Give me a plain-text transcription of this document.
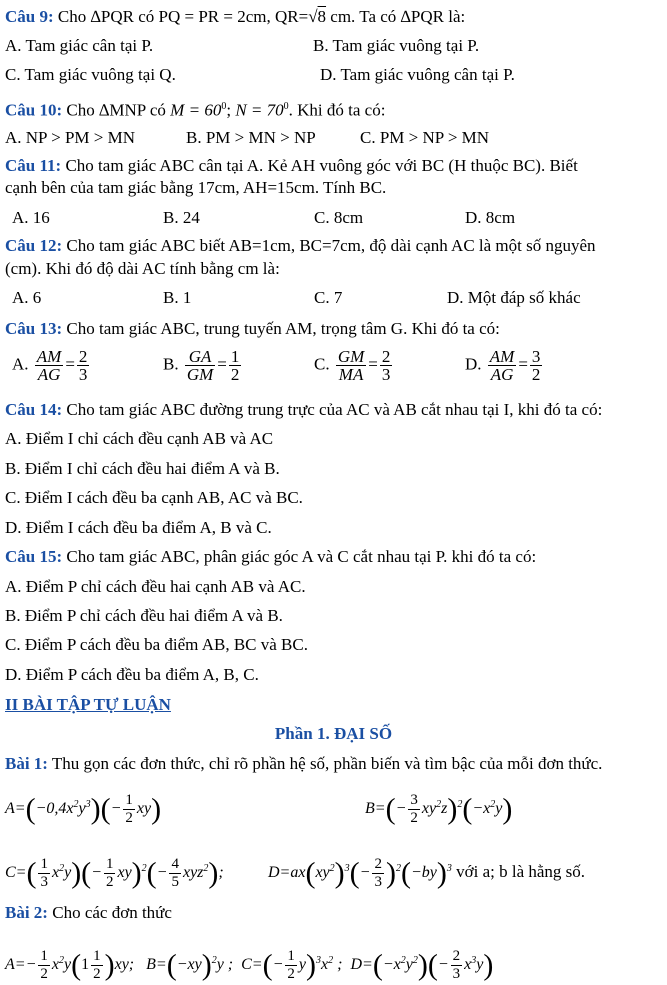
Câu 9: Cho ∆PQR có PQ = PR = 2cm, QR=√8 cm. Ta có ∆PQR là:
A. Tam giác cân tại P.	B. Tam giác vuông tại P.
C. Tam giác vuông tại Q.	D. Tam giác vuông cân tại P.
Câu 10: Cho ∆MNP có $M = 60^0$; $N = 70^0$. Khi đó ta có:
A. NP > PM > MN	B. PM > MN > NP	C. PM > NP > MN
Câu 11: Cho tam giác ABC cân tại A. Kẻ AH vuông góc với BC (H thuộc BC). Biết
cạnh bên của tam giác bằng 17cm, AH=15cm. Tính BC.
A. 16	B. 24	C. 8cm	D. 8cm
Câu 12: Cho tam giác ABC biết AB=1cm, BC=7cm, độ dài cạnh AC là một số nguyên
(cm). Khi đó độ dài AC tính bằng cm là:
A. 6	B. 1	C. 7	D. Một đáp số khác
Câu 13: Cho tam giác ABC, trung tuyến AM, trọng tâm G. Khi đó ta có:
A. $\frac{AM}{AG} = \frac{2}{3}$	B. $\frac{GA}{GM} = \frac{1}{2}$	C. $\frac{GM}{MA} = \frac{2}{3}$	D. $\frac{AM}{AG} = \frac{3}{2}$
Câu 14: Cho tam giác ABC đường trung trực của AC và AB cắt nhau tại I, khi đó ta có:
A. Điểm I chỉ cách đều cạnh AB và AC
B. Điểm I chỉ cách đều hai điểm A và B.
C. Điểm I cách đều ba cạnh AB, AC và BC.
D. Điểm I cách đều ba điểm A, B và C.
Câu 15: Cho tam giác ABC, phân giác góc A và C cắt nhau tại P. khi đó ta có:
A. Điểm P chỉ cách đều hai cạnh AB và AC.
B. Điểm P chỉ cách đều hai điểm A và B.
C. Điểm P cách đều ba điểm AB, BC và BC.
D. Điểm P cách đều ba điểm A, B, C.
II BÀI TẬP TỰ LUẬN
Phần 1. ĐẠI SỐ
Bài 1: Thu gọn các đơn thức, chỉ rõ phần hệ số, phần biến và tìm bậc của mỗi đơn thức.
$A=(-0,4x^2y^3)(- \frac{1}{2} xy)$	$B=(- \frac{3}{2} xy^2z)^2(-x^2y)$
$C=( \frac{1}{3} x^2y)(- \frac{1}{2} xy)^2(- \frac{4}{5} xyz^2)$;	$D=ax(xy^2)^3(- \frac{2}{3} )^2(-by)^3$ với a; b là hằng số.
Bài 2: Cho các đơn thức
$A=- \frac{1}{2} x^2y(1 \frac{1}{2} )xy$;   $B=(-xy)^2y$ ;  $C=(- \frac{1}{2} y)^3x^2$ ;  $D=(-x^2y^2)(- \frac{2}{3} x^3y)$
